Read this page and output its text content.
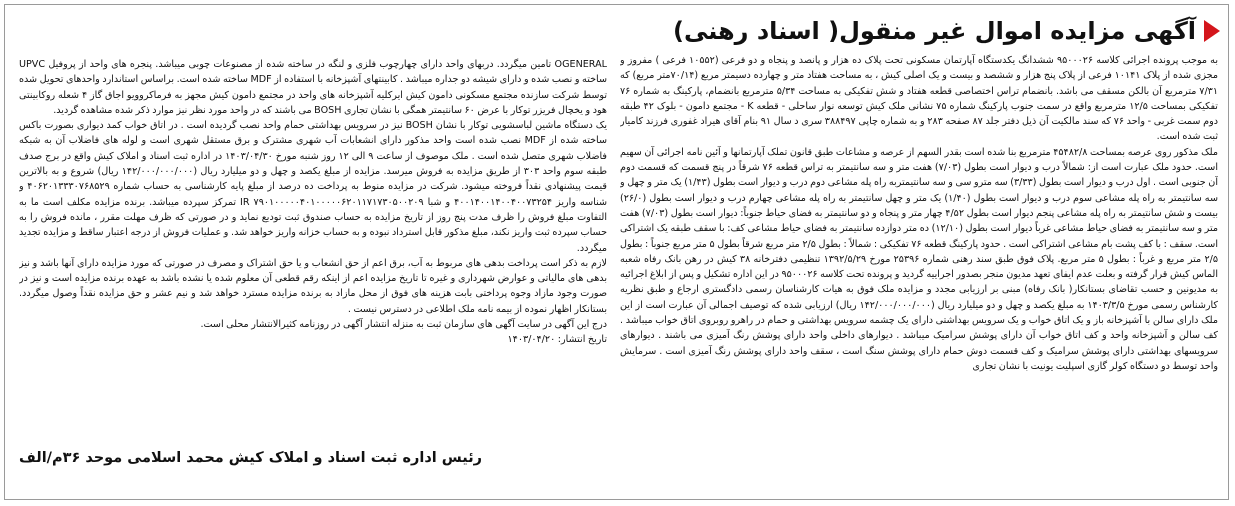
آگهی مزایده اموال غیر منقول( اسناد رهنی)

به موجب پرونده اجرائی کلاسه ۹۵۰۰۰۲۶ ششدانگ یکدستگاه آپارتمان مسکونی تحت پلاک ده هزار و پانصد و پنجاه و دو فرعی (۱۰۵۵۲ فرعی ) مفروز و مجزی شده از پلاک ۱۰۱۴۱ فرعی از پلاک پنج هزار و ششصد و بیست و یک اصلی کیش ، به مساحت هفتاد متر و چهارده دسیمتر مربع (۷۰/۱۴متر مربع) که ۷/۳۱ مترمربع آن بالکن مسقف می باشد. بانضمام تراس اختصاصی قطعه هفتاد و شش تفکیکی به مساحت ۵/۳۴ مترمربع بانضمام، پارکینگ به شماره ۷۶ تفکیکی بمساحت ۱۲/۵ مترمربع واقع در سمت جنوب پارکینگ شماره ۷۵ نشانی ملک کیش توسعه نوار ساحلی - قطعه K - مجتمع دامون - بلوک ۴۲ طبقه دوم سمت غربی - واحد ۷۶ که سند مالکیت آن ذیل دفتر جلد ۸۷ صفحه ۲۸۳ و به شماره چاپی ۳۸۸۴۹۷ سری د سال ۹۱ بنام آقای هیراد غفوری فرزند کامیار ثبت شده است.

ملک مذکور روی عرصه بمساحت ۴۵۴۸۲/۸ مترمربع بنا شده است بقدر السهم از عرصه و مشاعات طبق قانون تملک آپارتمانها و آئین نامه اجرائی آن سهیم است. حدود ملک عبارت است از: شمالاً درب و دیوار است بطول (۷/۰۳) هفت متر و سه سانتیمتر به تراس قطعه ۷۶ شرقاً در پنج قسمت که قسمت دوم آن جنوبی است . اول درب و دیوار است بطول (۳/۳۳) سه مترو سی و سه سانتیمتربه راه پله مشاعی دوم درب و دیوار است بطول (۱/۴۳) یک متر و چهل و سه سانتیمتر به راه پله مشاعی سوم درب و دیوار است بطول (۱/۴۰) یک متر و چهل سانتیمتر به راه پله مشاعی چهارم درب و دیوار است بطول (۲۶/۰) بیست و شش سانتیمتر به راه پله مشاعی پنجم دیوار است بطول ۴/۵۲ چهار متر و پنجاه و دو سانتیمتر به فضای حیاط جنوباً: دیوار است بطول (۷/۰۳) هفت متر و سه سانتیمتر به فضای حیاط مشاعی غرباً دیوار است بطول (۱۲/۱۰) ده متر دوازده سانتیمتر به فضای حیاط مشاعی کف: با سقف طبقه یک اشتراکی است. سقف : با کف پشت بام مشاعی اشتراکی است . حدود پارکینگ قطعه ۷۶ تفکیکی : شمالاً : بطول ۲/۵ متر مربع شرقاً بطول ۵ متر مربع جنوباً : بطول ۲/۵ متر مربع و غرباً : بطول ۵ متر مربع. پلاک فوق طبق سند رهنی شماره ۲۵۳۹۶ مورخ ۱۳۹۲/۵/۲۹ تنظیمی دفترخانه ۳۸ کیش در رهن بانک رفاه شعبه الماس کیش قرار گرفته و بعلت عدم ایفای تعهد مدیون منجر بصدور اجراییه گردید و پرونده تحت کلاسه ۹۵۰۰۰۲۶ در این اداره تشکیل و پس از ابلاغ اجرائیه به مدیونین و حسب تقاضای بستانکار( بانک رفاه) مبنی بر ارزیابی مجدد و مزایده ملک فوق به هیات کارشناسان رسمی دادگستری ارجاع و طبق نظریه کارشناس رسمی مورخ ۱۴۰۳/۳/۵ به مبلغ یکصد و چهل و دو میلیارد ریال (۱۴۲/۰۰۰/۰۰۰/۰۰۰ ریال) ارزیابی شده که توصیف اجمالی آن عبارت است از این ملک دارای سالن با آشپزخانه باز و یک اتاق خواب و یک سرویس بهداشتی دارای یک چشمه سرویس بهداشتی و حمام در راهرو روبروی اتاق خواب میباشد . کف سالن و آشپزخانه واحد و کف اتاق خواب آن دارای پوشش سرامیک میباشد . دیوارهای داخلی واحد دارای پوشش رنگ آمیزی می باشند . دیوارهای سرویسهای بهداشتی دارای پوشش سرامیک و کف قسمت دوش حمام دارای پوشش سنگ است ، سقف واحد دارای پوشش رنگ آمیزی است . سرمایش واحد توسط دو دستگاه کولر گازی اسپلیت یونیت با نشان تجاری

OGENERAL تامین میگردد. دربهای واحد دارای چهارچوب فلزی و لنگه در ساخته شده از مصنوعات چوبی میباشد. پنجره های واحد از پروفیل UPVC ساخته و نصب شده و دارای شیشه دو جداره میباشد . کابینتهای آشپزخانه با استفاده از MDF ساخته شده است. براساس استاندارد واحدهای تحویل شده توسط شرکت سازنده مجتمع مسکونی دامون کیش ایرکلیه آشپزخانه های واحد در مجتمع دامون کیش مجهز به فرماکروویو اجاق گاز ۴ شعله روکابینتی هود و یخچال فریزر توکار با عرض ۶۰ سانتیمتر همگی با نشان تجاری BOSH می باشند که در واحد مورد نظر نیز موارد ذکر شده مشاهده گردید.

یک دستگاه ماشین لباسشویی توکار با نشان BOSH نیز در سرویس بهداشتی حمام واحد نصب گردیده است . در اتاق خواب کمد دیواری بصورت باکس ساخته شده از MDF نصب شده است واحد مذکور دارای انشعابات آب شهری مشترک و برق مستقل شهری است و لوله های فاضلاب آن به شبکه فاضلاب شهری متصل شده است . ملک موصوف از ساعت ۹ الی ۱۲ روز شنبه مورخ ۱۴۰۳/۰۴/۳۰ در اداره ثبت اسناد و املاک کیش واقع در برج صدف طبقه سوم واحد ۳۰۳ از طریق مزایده به فروش میرسد. مزایده از مبلغ یکصد و چهل و دو میلیارد ریال (۱۴۲/۰۰۰/۰۰۰/۰۰۰ ریال) شروع و به بالاترین قیمت پیشنهادی نقداً فروخته میشود. شرکت در مزایده منوط به پرداخت ده درصد از مبلغ پایه کارشناسی به حساب شماره ۴۰۶۲۰۱۳۳۳۰۷۶۸۵۲۹ و شناسه واریز ۴۰۰۱۴۰۰۱۴۰۰۴۰۰۷۳۲۵۴ و شبا IR ۷۹۰۱۰۰۰۰۰۴۰۱۰۰۰۰۰۶۲۰۱۱۷۱۷۳۰۵۰۰۲۰۹ تمرکز سپرده میباشد. برنده مزایده مکلف است ما به التفاوت مبلغ فروش را ظرف مدت پنج روز از تاریخ مزایده به حساب صندوق ثبت تودیع نماید و در صورتی که ظرف مهلت مقرر ، مانده فروش را به حساب سپرده ثبت واریز نکند، مبلغ مذکور قابل استرداد نبوده و به حساب خزانه واریز خواهد شد. و عملیات فروش از درجه اعتبار ساقط و مزایده تجدید میگردد.

لازم به ذکر است پرداخت بدهی های مربوط به آب، برق اعم از حق انشعاب و یا حق اشتراک و مصرف در صورتی که مورد مزایده دارای آنها باشد و نیز بدهی های مالیاتی و عوارض شهرداری و غیره تا تاریخ مزایده اعم از اینکه رقم قطعی آن معلوم شده یا نشده باشد به عهده برنده مزایده است و نیز در صورت وجود مازاد وجوه پرداختی بابت هزینه های فوق از محل مازاد به برنده مزایده مسترد خواهد شد و نیم عشر و حق مزایده نقداً وصول میگردد. بستانکار اظهار نموده از بیمه نامه ملک اطلاعی در دسترس نیست .

درج این آگهی در سایت آگهی های سازمان ثبت به منزله انتشار آگهی در روزنامه کثیرالانتشار محلی است.

تاریخ انتشار: ۱۴۰۳/۰۴/۲۰

رئیس اداره ثبت اسناد و املاک کیش محمد اسلامی موحد ۳۶م/الف
